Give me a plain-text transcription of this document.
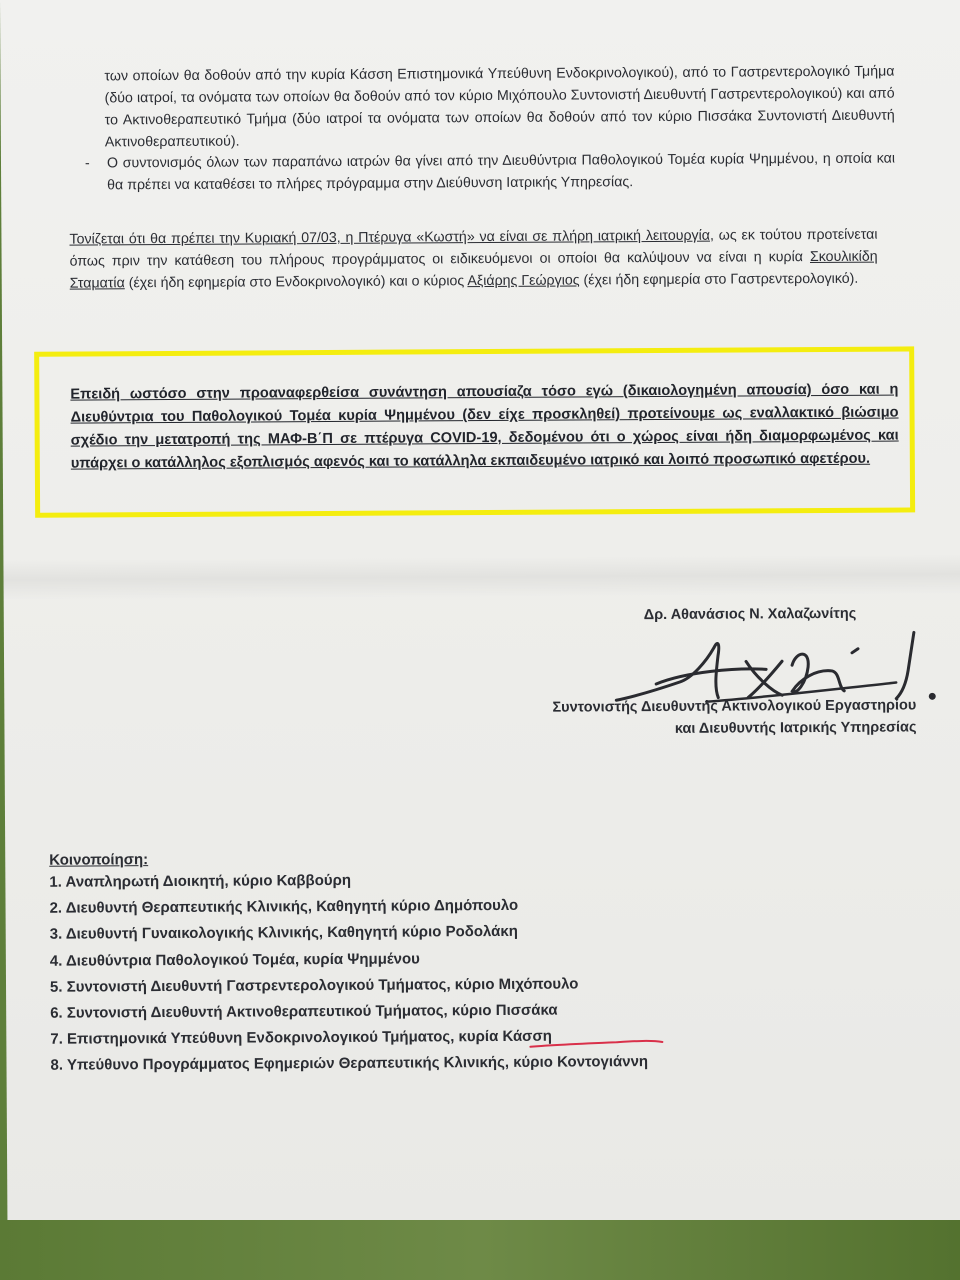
των οποίων θα δοθούν από την κυρία Κάσση Επιστημονικά Υπεύθυνη Ενδοκρινολογικού), από το Γαστρεντερολογικό Τμήμα (δύο ιατροί, τα ονόματα των οποίων θα δοθούν από τον κύριο Μιχόπουλο Συντονιστή Διευθυντή Γαστρεντερολογικού) και από το Ακτινοθεραπευτικό Τμήμα (δύο ιατροί τα ονόματα των οποίων θα δοθούν από τον κύριο Πισσάκα Συντονιστή Διευθυντή Ακτινοθεραπευτικού).

-	Ο συντονισμός όλων των παραπάνω ιατρών θα γίνει από την Διευθύντρια Παθολογικού Τομέα κυρία Ψημμένου, η οποία και θα πρέπει να καταθέσει το πλήρες πρόγραμμα στην Διεύθυνση Ιατρικής Υπηρεσίας.

Τονίζεται ότι θα πρέπει την Κυριακή 07/03, η Πτέρυγα «Κωστή» να είναι σε πλήρη ιατρική λειτουργία, ως εκ τούτου προτείνεται όπως πριν την κατάθεση του πλήρους προγράμματος οι ειδικευόμενοι οι οποίοι θα καλύψουν να είναι η κυρία Σκουλικίδη Σταματία (έχει ήδη εφημερία στο Ενδοκρινολογικό) και ο κύριος Αξιάρης Γεώργιος (έχει ήδη εφημερία στο Γαστρεντερολογικό).

Επειδή ωστόσο στην προαναφερθείσα συνάντηση απουσίαζα τόσο εγώ (δικαιολογημένη απουσία) όσο και η Διευθύντρια του Παθολογικού Τομέα κυρία Ψημμένου (δεν είχε προσκληθεί) προτείνουμε ως εναλλακτικό βιώσιμο σχέδιο την μετατροπή της ΜΑΦ-Β΄Π σε πτέρυγα COVID-19, δεδομένου ότι ο χώρος είναι ήδη διαμορφωμένος και υπάρχει ο κατάλληλος εξοπλισμός αφενός και το κατάλληλα εκπαιδευμένο ιατρικό και λοιπό προσωπικό αφετέρου.
Δρ. Αθανάσιος Ν. Χαλαζωνίτης
Συντονιστής Διευθυντής Ακτινολογικού Εργαστηρίου
και Διευθυντής Ιατρικής Υπηρεσίας
Κοινοποίηση:
1. Αναπληρωτή Διοικητή, κύριο Καββούρη
2. Διευθυντή Θεραπευτικής Κλινικής, Καθηγητή κύριο Δημόπουλο
3. Διευθυντή Γυναικολογικής Κλινικής, Καθηγητή κύριο Ροδολάκη
4. Διευθύντρια Παθολογικού Τομέα, κυρία Ψημμένου
5. Συντονιστή Διευθυντή Γαστρεντερολογικού Τμήματος, κύριο Μιχόπουλο
6. Συντονιστή Διευθυντή Ακτινοθεραπευτικού Τμήματος, κύριο Πισσάκα
7. Επιστημονικά Υπεύθυνη Ενδοκρινολογικού Τμήματος, κυρία Κάσση
8. Υπεύθυνο Προγράμματος Εφημεριών Θεραπευτικής Κλινικής, κύριο Κοντογιάννη
